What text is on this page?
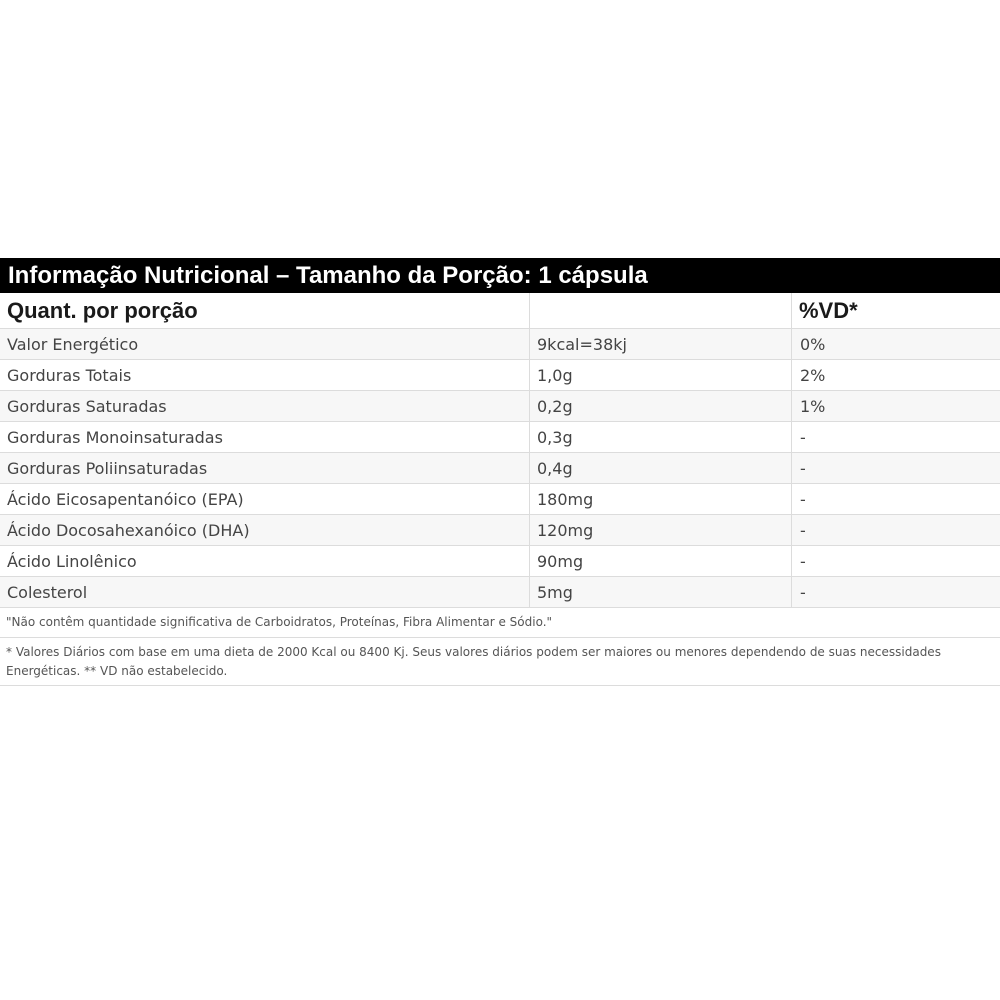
Informação Nutricional – Tamanho da Porção: 1 cápsula
Quant. por porção		%VD*
Valor Energético	9kcal=38kj	0%
Gorduras Totais	1,0g	2%
Gorduras Saturadas	0,2g	1%
Gorduras Monoinsaturadas	0,3g	-
Gorduras Poliinsaturadas	0,4g	-
Ácido Eicosapentanóico (EPA)	180mg	-
Ácido Docosahexanóico (DHA)	120mg	-
Ácido Linolênico	90mg	-
Colesterol	5mg	-
"Não contêm quantidade significativa de Carboidratos, Proteínas, Fibra Alimentar e Sódio."
* Valores Diários com base em uma dieta de 2000 Kcal ou 8400 Kj. Seus valores diários podem ser maiores ou menores dependendo de suas necessidades Energéticas. ** VD não estabelecido.
